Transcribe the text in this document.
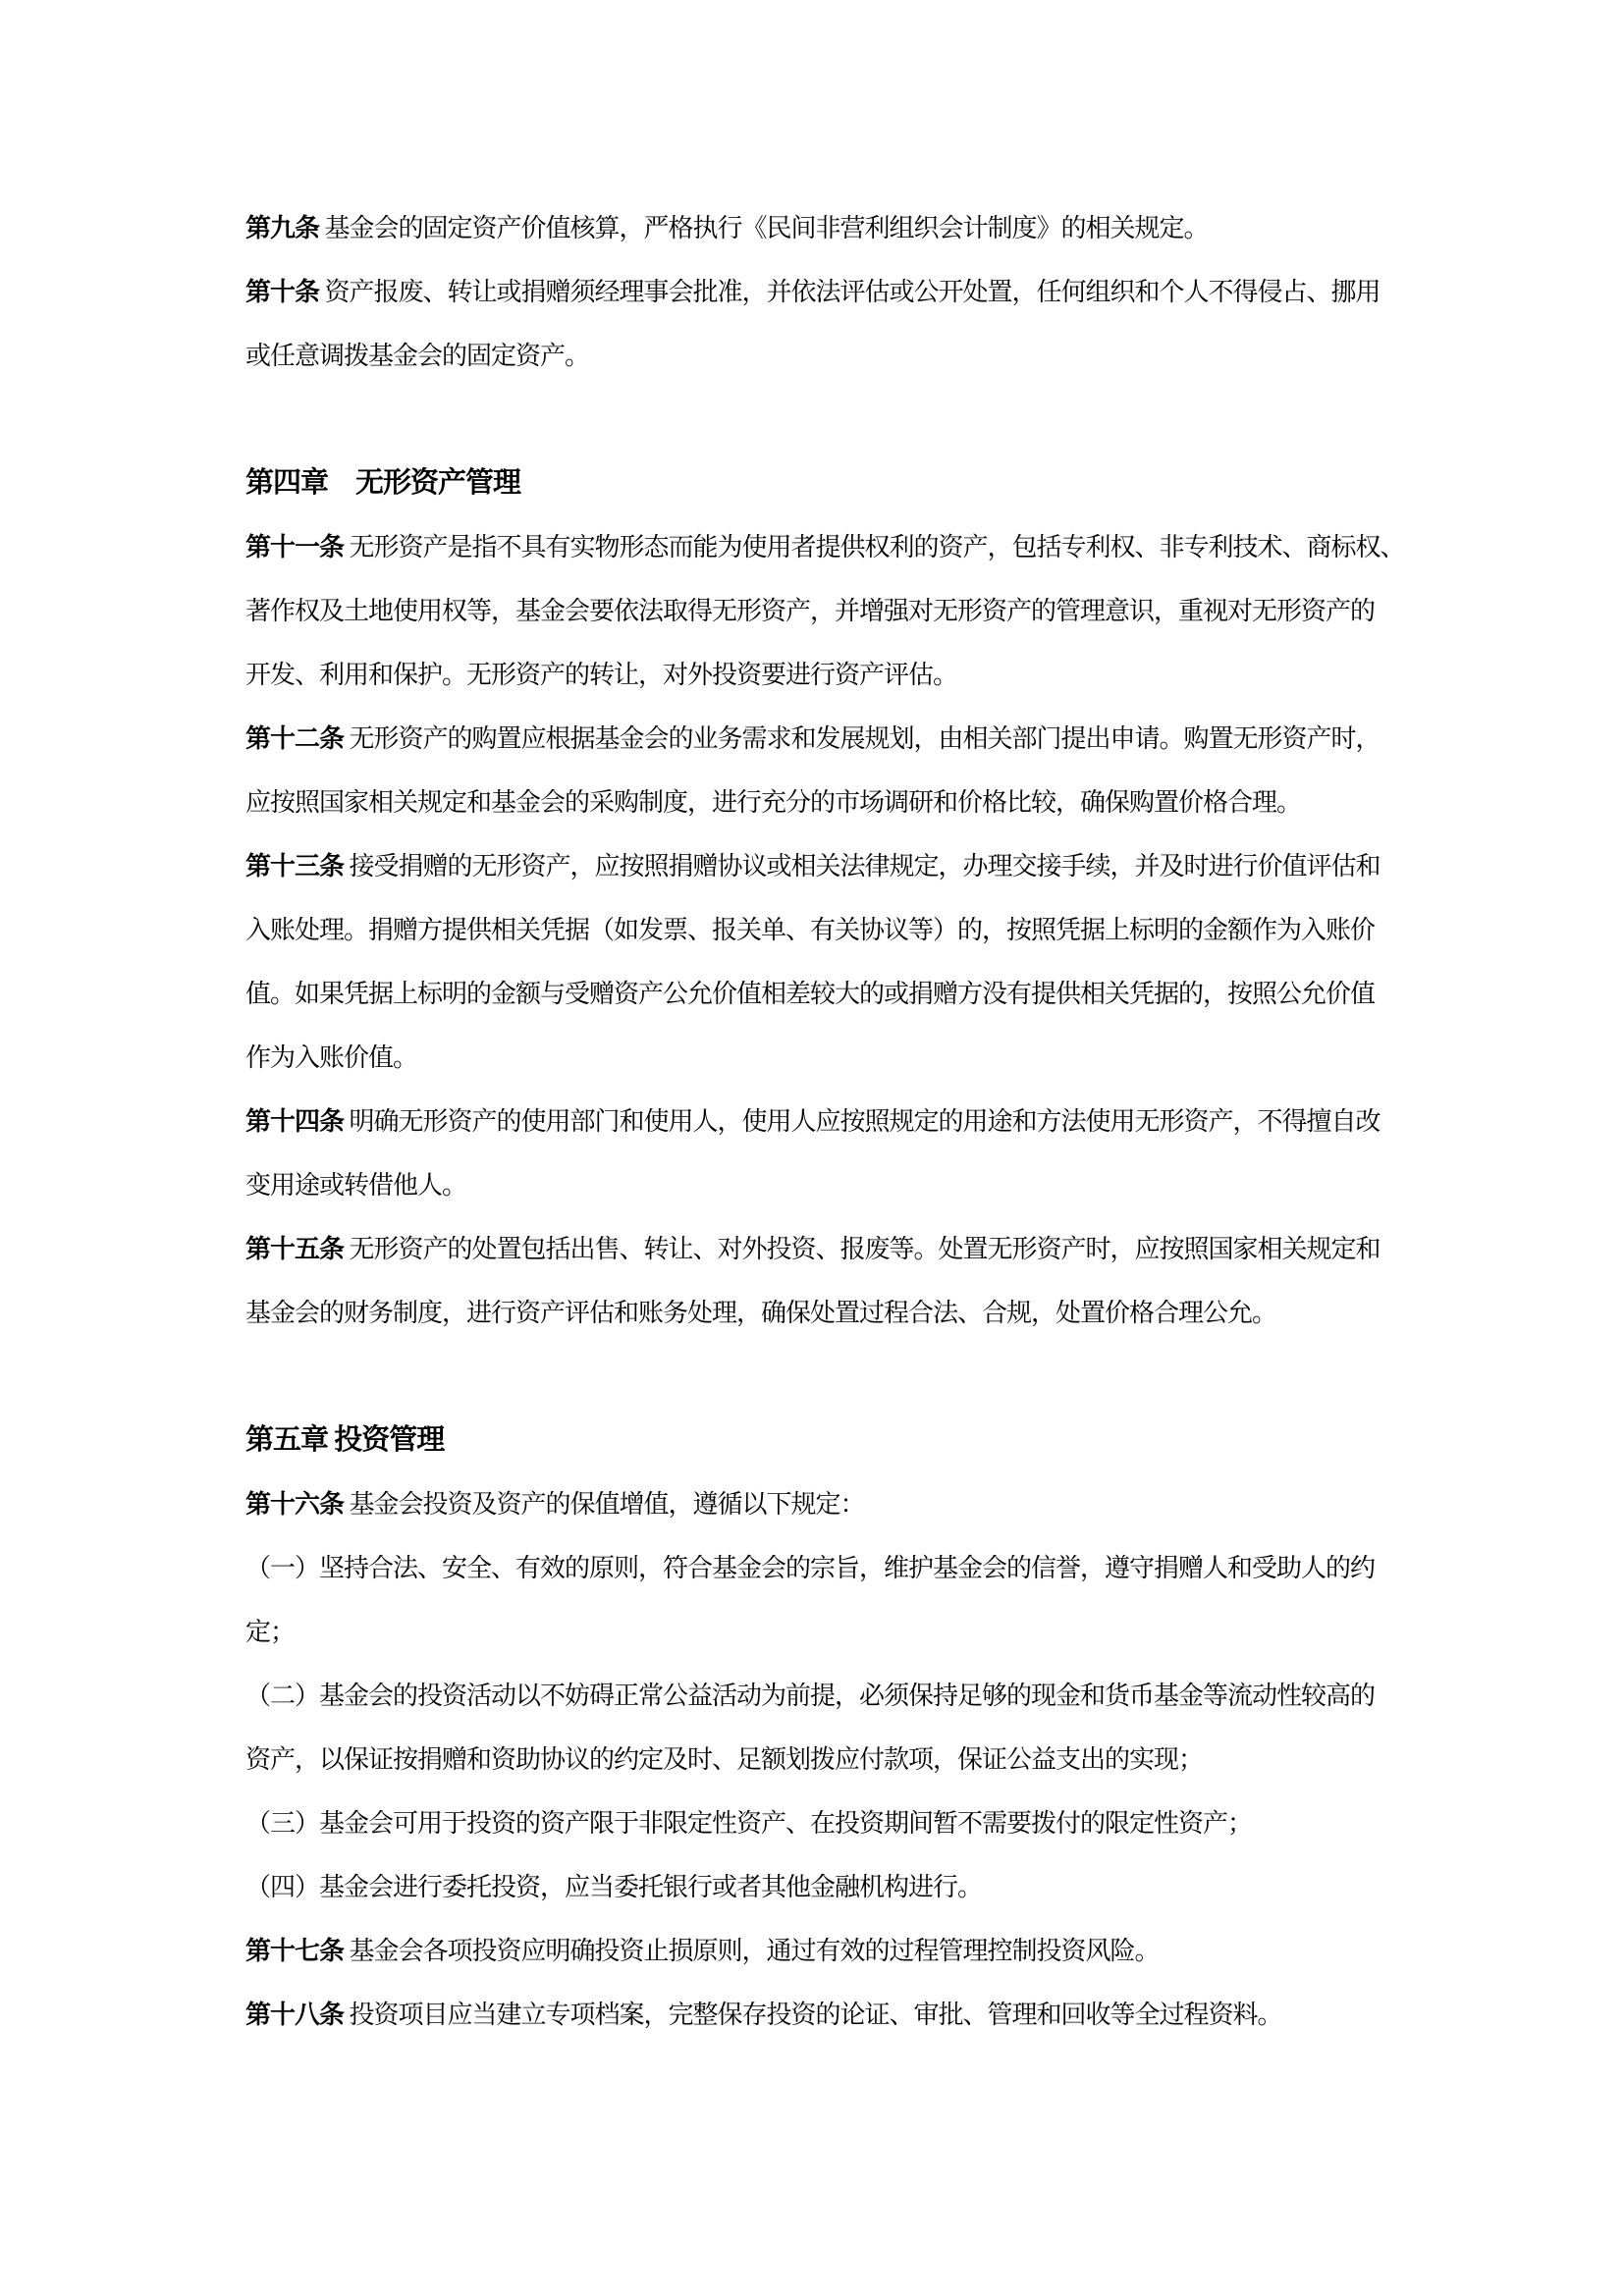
第九条 基金会的固定资产价值核算，严格执行《民间非营利组织会计制度》的相关规定。
第十条 资产报废、转让或捐赠须经理事会批准，并依法评估或公开处置，任何组织和个人不得侵占、挪用
或任意调拨基金会的固定资产。
第四章　无形资产管理
第十一条 无形资产是指不具有实物形态而能为使用者提供权利的资产，包括专利权、非专利技术、商标权、
著作权及土地使用权等，基金会要依法取得无形资产，并增强对无形资产的管理意识，重视对无形资产的
开发、利用和保护。无形资产的转让，对外投资要进行资产评估。
第十二条 无形资产的购置应根据基金会的业务需求和发展规划，由相关部门提出申请。购置无形资产时，
应按照国家相关规定和基金会的采购制度，进行充分的市场调研和价格比较，确保购置价格合理。
第十三条 接受捐赠的无形资产，应按照捐赠协议或相关法律规定，办理交接手续，并及时进行价值评估和
入账处理。捐赠方提供相关凭据（如发票、报关单、有关协议等）的，按照凭据上标明的金额作为入账价
值。如果凭据上标明的金额与受赠资产公允价值相差较大的或捐赠方没有提供相关凭据的，按照公允价值
作为入账价值。
第十四条 明确无形资产的使用部门和使用人，使用人应按照规定的用途和方法使用无形资产，不得擅自改
变用途或转借他人。
第十五条 无形资产的处置包括出售、转让、对外投资、报废等。处置无形资产时，应按照国家相关规定和
基金会的财务制度，进行资产评估和账务处理，确保处置过程合法、合规，处置价格合理公允。
第五章 投资管理
第十六条 基金会投资及资产的保值增值，遵循以下规定：
（一）坚持合法、安全、有效的原则，符合基金会的宗旨，维护基金会的信誉，遵守捐赠人和受助人的约
定；
（二）基金会的投资活动以不妨碍正常公益活动为前提，必须保持足够的现金和货币基金等流动性较高的
资产，以保证按捐赠和资助协议的约定及时、足额划拨应付款项，保证公益支出的实现；
（三）基金会可用于投资的资产限于非限定性资产、在投资期间暂不需要拨付的限定性资产；
（四）基金会进行委托投资，应当委托银行或者其他金融机构进行。
第十七条 基金会各项投资应明确投资止损原则，通过有效的过程管理控制投资风险。
第十八条 投资项目应当建立专项档案，完整保存投资的论证、审批、管理和回收等全过程资料。
